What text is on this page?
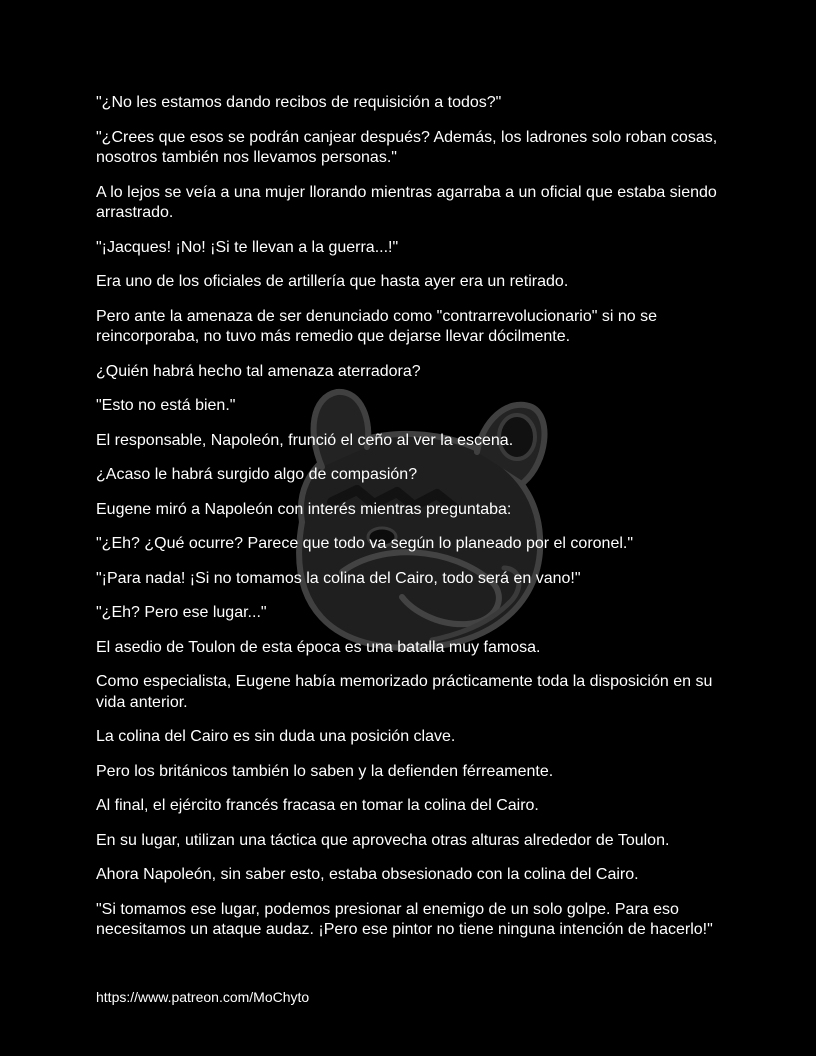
"¿No les estamos dando recibos de requisición a todos?"

"¿Crees que esos se podrán canjear después? Además, los ladrones solo roban cosas, nosotros también nos llevamos personas."

A lo lejos se veía a una mujer llorando mientras agarraba a un oficial que estaba siendo arrastrado.

"¡Jacques! ¡No! ¡Si te llevan a la guerra...!"

Era uno de los oficiales de artillería que hasta ayer era un retirado.

Pero ante la amenaza de ser denunciado como "contrarrevolucionario" si no se reincorporaba, no tuvo más remedio que dejarse llevar dócilmente.

¿Quién habrá hecho tal amenaza aterradora?

"Esto no está bien."

El responsable, Napoleón, frunció el ceño al ver la escena.

¿Acaso le habrá surgido algo de compasión?

Eugene miró a Napoleón con interés mientras preguntaba:

"¿Eh? ¿Qué ocurre? Parece que todo va según lo planeado por el coronel."

"¡Para nada! ¡Si no tomamos la colina del Cairo, todo será en vano!"

"¿Eh? Pero ese lugar..."

El asedio de Toulon de esta época es una batalla muy famosa.

Como especialista, Eugene había memorizado prácticamente toda la disposición en su vida anterior.

La colina del Cairo es sin duda una posición clave.

Pero los británicos también lo saben y la defienden férreamente.

Al final, el ejército francés fracasa en tomar la colina del Cairo.

En su lugar, utilizan una táctica que aprovecha otras alturas alrededor de Toulon.

Ahora Napoleón, sin saber esto, estaba obsesionado con la colina del Cairo.

"Si tomamos ese lugar, podemos presionar al enemigo de un solo golpe. Para eso necesitamos un ataque audaz. ¡Pero ese pintor no tiene ninguna intención de hacerlo!"

https://www.patreon.com/MoChyto
